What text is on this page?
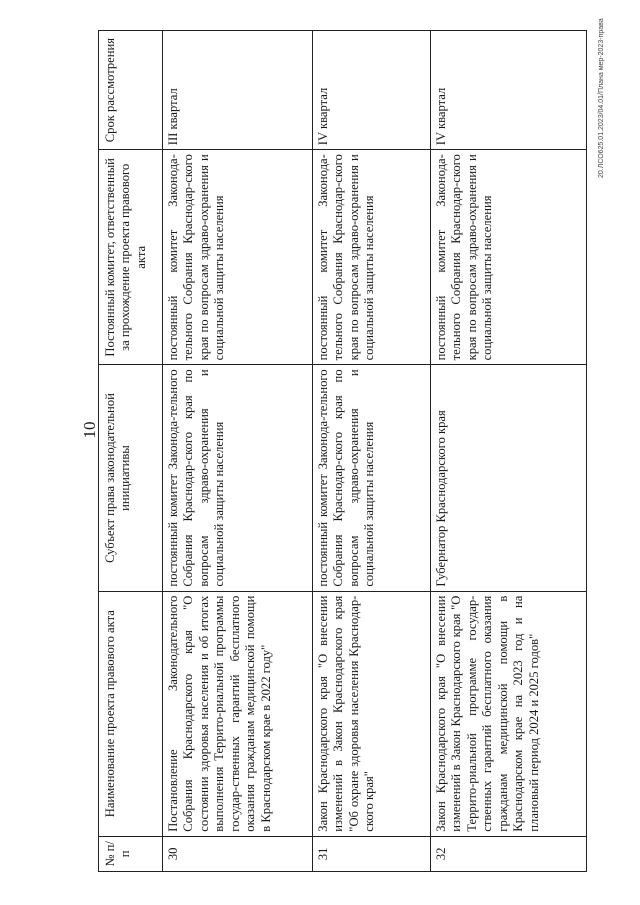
10
20.ЛСО625.01.2023/04.01/Плана мер-2023-права
№ п/п	Наименование проекта правового акта	Субъект права законодательной инициативы	Постоянный комитет, ответственный за прохождение проекта правового акта	Срок рассмотрения
30	Постановление Законодательного Собрания Краснодарского края "О состоянии здоровья населения и об итогах выполнения Террито-риальной программы государ-ственных гарантий бесплатного оказания гражданам медицинской помощи в Краснодарском крае в 2022 году"	постоянный комитет Законода-тельного Собрания Краснодар-ского края по вопросам здраво-охранения и социальной защиты населения	постоянный комитет Законода-тельного Собрания Краснодар-ского края по вопросам здраво-охранения и социальной защиты населения	III квартал
31	Закон Краснодарского края "О внесении изменений в Закон Краснодарского края "Об охране здоровья населения Краснодар-ского края"	постоянный комитет Законода-тельного Собрания Краснодар-ского края по вопросам здраво-охранения и социальной защиты населения	постоянный комитет Законода-тельного Собрания Краснодар-ского края по вопросам здраво-охранения и социальной защиты населения	IV квартал
32	Закон Краснодарского края "О внесении изменений в Закон Краснодарского края "О Террито-риальной программе государ-ственных гарантий бесплатного оказания гражданам медицинской помощи в Краснодарском крае на 2023 год и на плановый период 2024 и 2025 годов"	Губернатор Краснодарского края	постоянный комитет Законода-тельного Собрания Краснодар-ского края по вопросам здраво-охранения и социальной защиты населения	IV квартал
